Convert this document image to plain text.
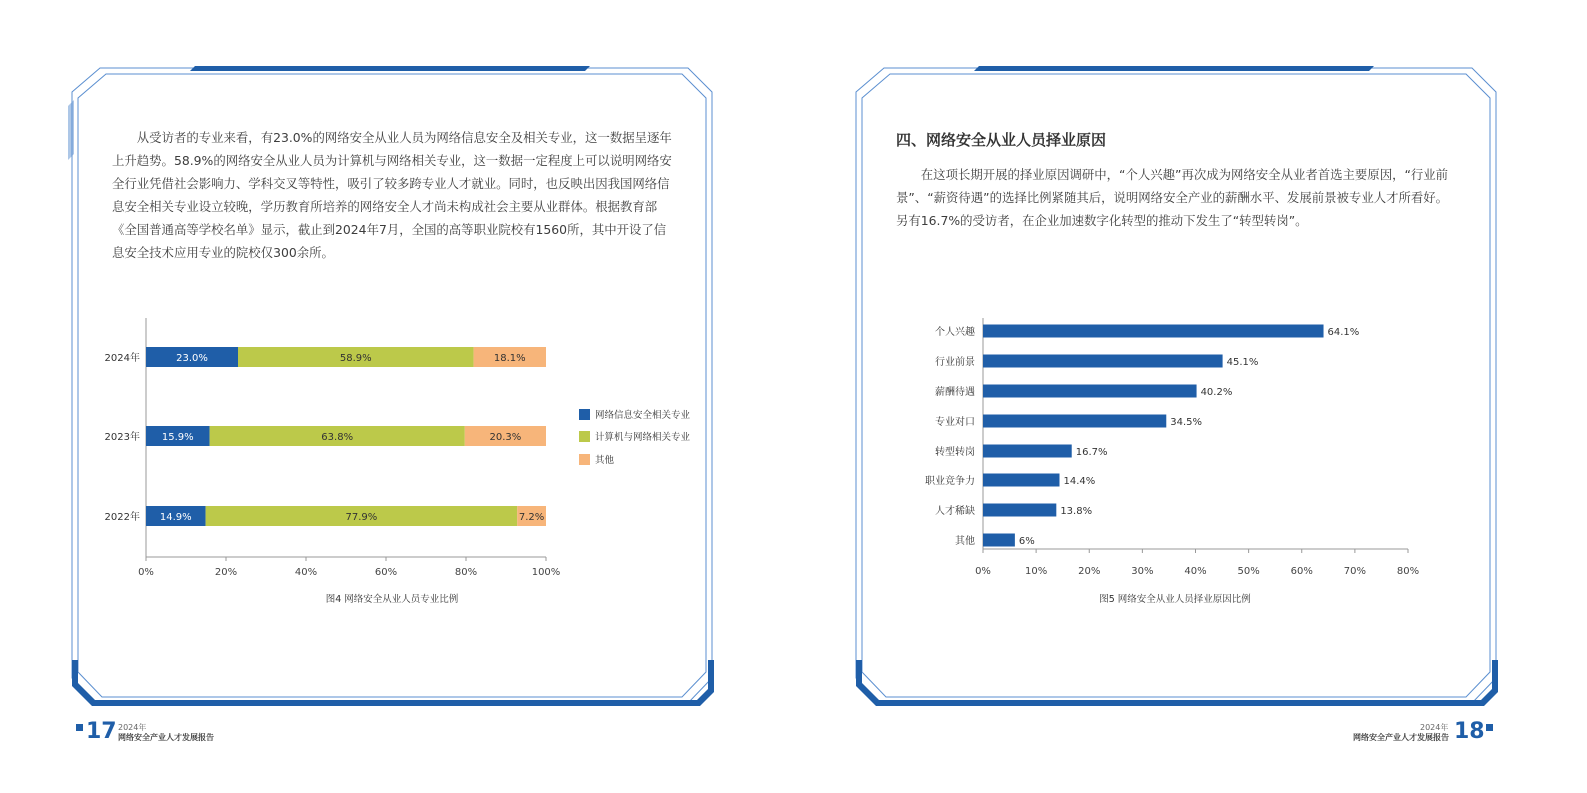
从受访者的专业来看，有23.0%的网络安全从业人员为网络信息安全及相关专业，这一数据呈逐年上升趋势。58.9%的网络安全从业人员为计算机与网络相关专业，这一数据一定程度上可以说明网络安全行业凭借社会影响力、学科交叉等特性，吸引了较多跨专业人才就业。同时，也反映出因我国网络信息安全相关专业设立较晚，学历教育所培养的网络安全人才尚未构成社会主要从业群体。根据教育部《全国普通高等学校名单》显示，截止到2024年7月，全国的高等职业院校有1560所，其中开设了信息安全技术应用专业的院校仅300余所。

0%	20%	40%	60%	80%	100%
2024年	23.0%	58.9%	18.1%
2023年 15.9%	63.8%	20.3%
2022年 14.9%	77.9%	7.2%
网络信息安全相关专业
计算机与网络相关专业
其他
图4 网络安全从业人员专业比例
17 2024年
网络安全产业人才发展报告
四、网络安全从业人员择业原因

在这项长期开展的择业原因调研中，“个人兴趣”再次成为网络安全从业者首选主要原因，“行业前景”、“薪资待遇”的选择比例紧随其后，说明网络安全产业的薪酬水平、发展前景被专业人才所看好。另有16.7%的受访者，在企业加速数字化转型的推动下发生了“转型转岗”。

0%	10%	20%	30%	40%	50%	60%	70%	80%
个人兴趣	64.1%
行业前景	45.1%
薪酬待遇	40.2%
专业对口	34.5%
转型转岗	16.7%
职业竞争力	14.4%
人才稀缺	13.8%
其他	6%
图5 网络安全从业人员择业原因比例
2024年
网络安全产业人才发展报告 18
